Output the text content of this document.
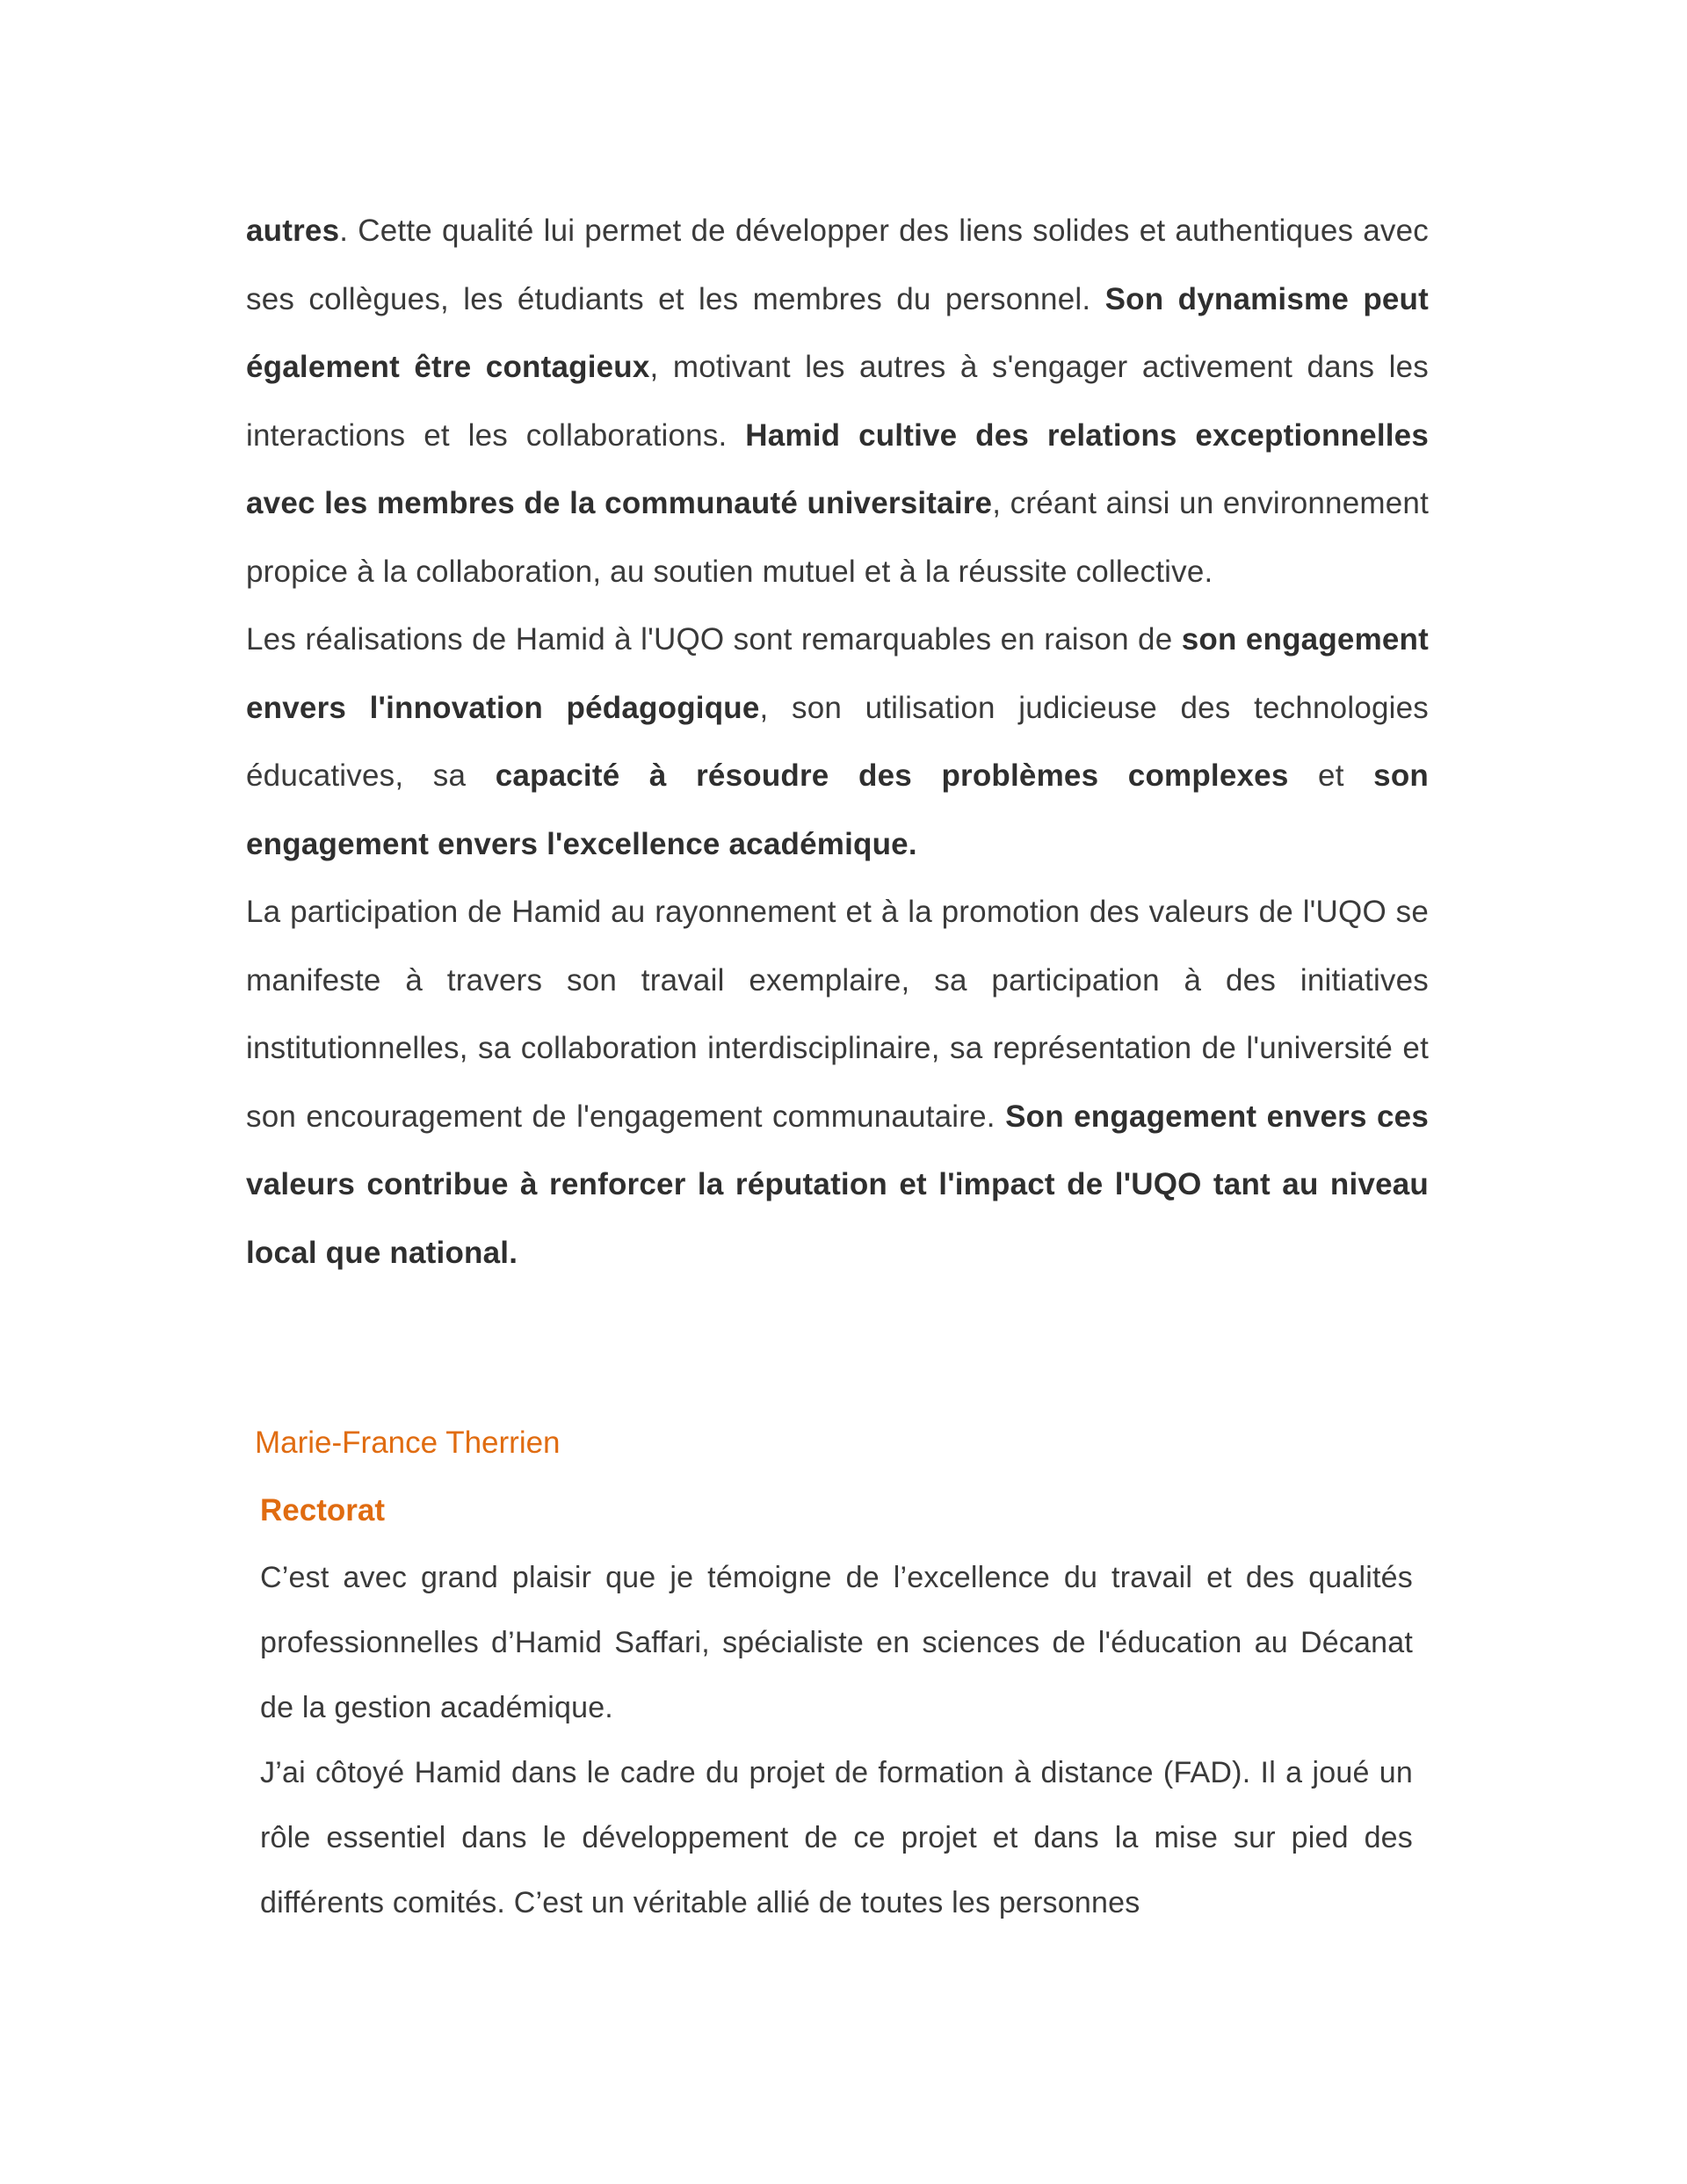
autres. Cette qualité lui permet de développer des liens solides et authentiques avec ses collègues, les étudiants et les membres du personnel. Son dynamisme peut également être contagieux, motivant les autres à s'engager activement dans les interactions et les collaborations. Hamid cultive des relations exceptionnelles avec les membres de la communauté universitaire, créant ainsi un environnement propice à la collaboration, au soutien mutuel et à la réussite collective.

Les réalisations de Hamid à l'UQO sont remarquables en raison de son engagement envers l'innovation pédagogique, son utilisation judicieuse des technologies éducatives, sa capacité à résoudre des problèmes complexes et son engagement envers l'excellence académique.

La participation de Hamid au rayonnement et à la promotion des valeurs de l'UQO se manifeste à travers son travail exemplaire, sa participation à des initiatives institutionnelles, sa collaboration interdisciplinaire, sa représentation de l'université et son encouragement de l'engagement communautaire. Son engagement envers ces valeurs contribue à renforcer la réputation et l'impact de l'UQO tant au niveau local que national.

Marie-France Therrien

Rectorat

C’est avec grand plaisir que je témoigne de l’excellence du travail et des qualités professionnelles d’Hamid Saffari, spécialiste en sciences de l'éducation au Décanat de la gestion académique.

J’ai côtoyé Hamid dans le cadre du projet de formation à distance (FAD). Il a joué un rôle essentiel dans le développement de ce projet et dans la mise sur pied des différents comités. C’est un véritable allié de toutes les personnes
